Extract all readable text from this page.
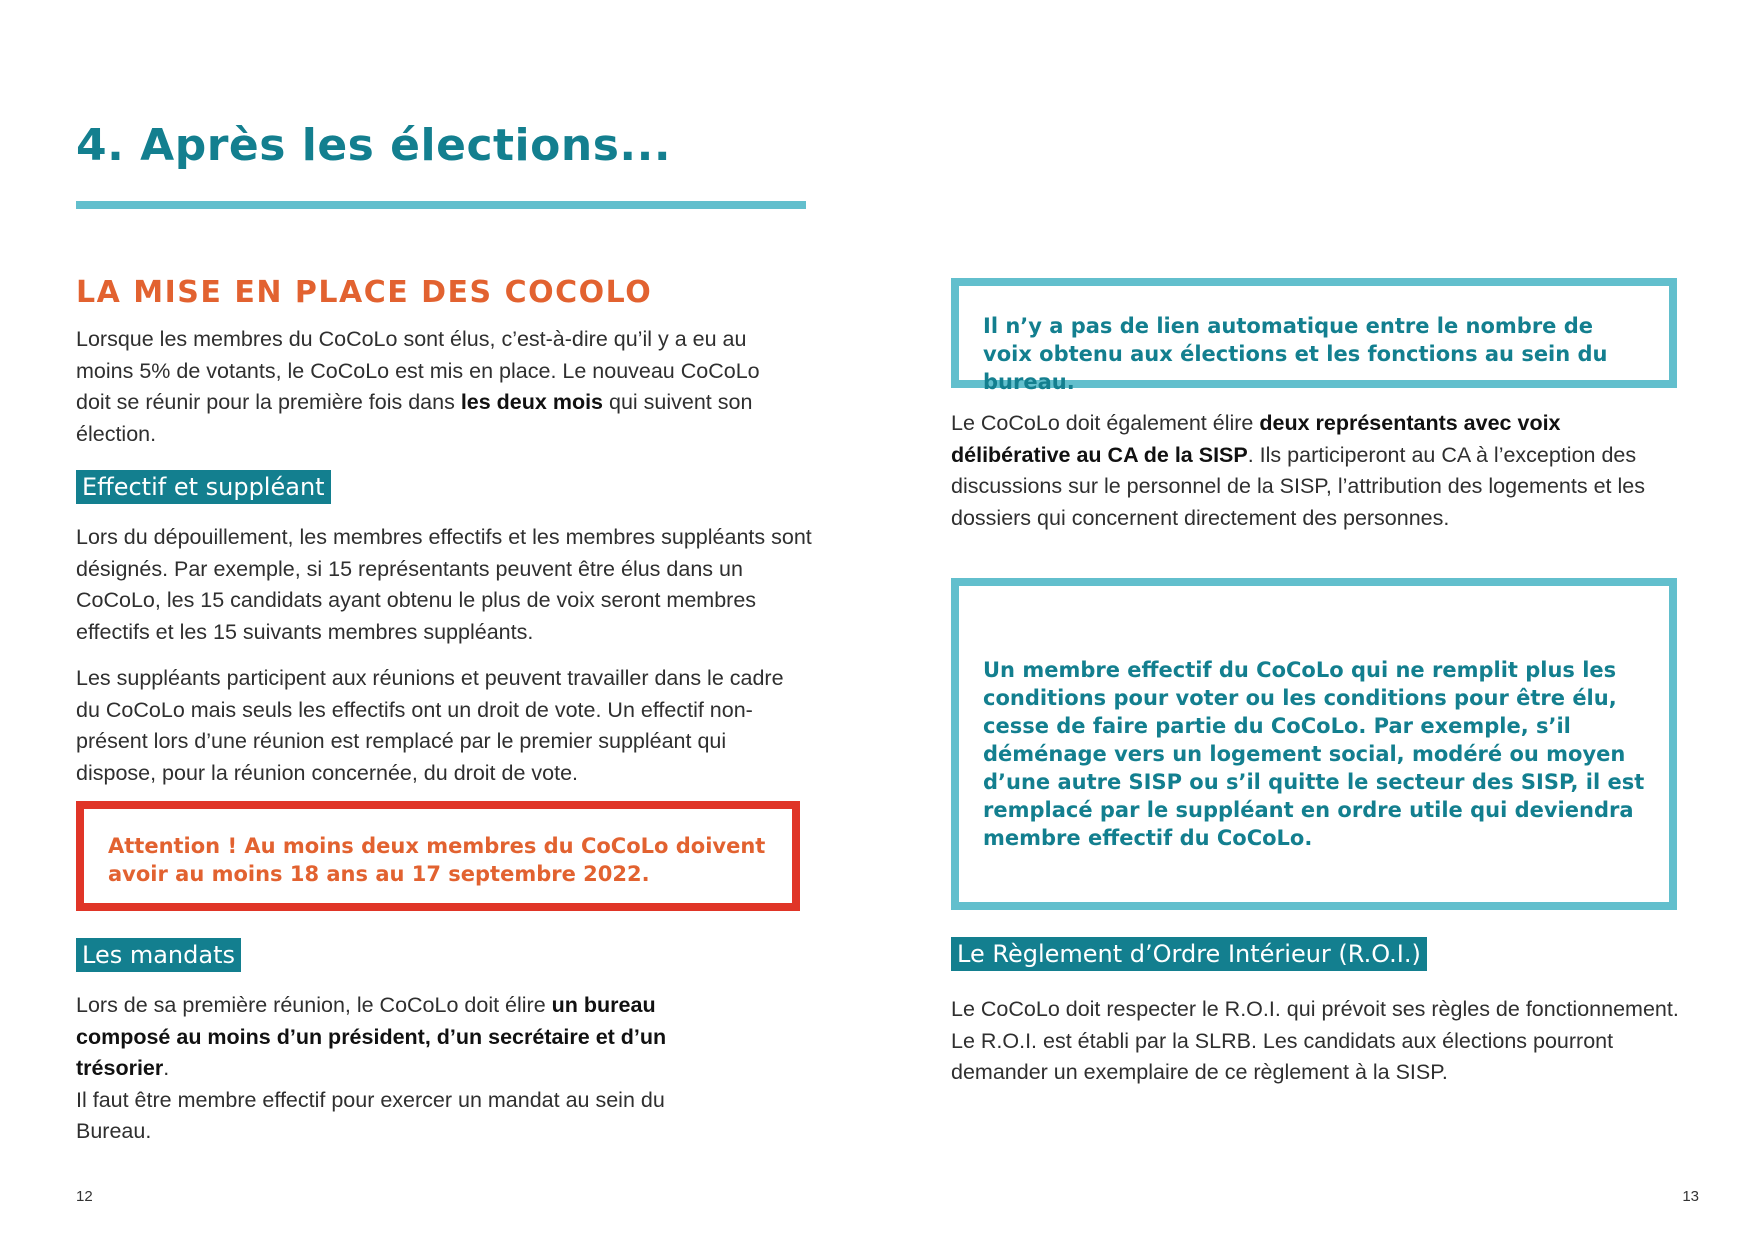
4. Après les élections...
LA MISE EN PLACE DES COCOLO

Lorsque les membres du CoCoLo sont élus, c’est-à-dire qu’il y a eu au moins 5% de votants, le CoCoLo est mis en place. Le nouveau CoCoLo doit se réunir pour la première fois dans les deux mois qui suivent son élection.

Effectif et suppléant

Lors du dépouillement, les membres effectifs et les membres suppléants sont désignés. Par exemple, si 15 représentants peuvent être élus dans un CoCoLo, les 15 candidats ayant obtenu le plus de voix seront membres effectifs et les 15 suivants membres suppléants.

Les suppléants participent aux réunions et peuvent travailler dans le cadre du CoCoLo mais seuls les effectifs ont un droit de vote. Un effectif non-présent lors d’une réunion est remplacé par le premier suppléant qui dispose, pour la réunion concernée, du droit de vote.

Attention ! Au moins deux membres du CoCoLo doivent avoir au moins 18 ans au 17 septembre 2022.

Les mandats

Lors de sa première réunion, le CoCoLo doit élire un bureau composé au moins d’un président, d’un secrétaire et d’un trésorier.
Il faut être membre effectif pour exercer un mandat au sein du Bureau.

12

Il n’y a pas de lien automatique entre le nombre de voix obtenu aux élections et les fonctions au sein du bureau.

Le CoCoLo doit également élire deux représentants avec voix délibérative au CA de la SISP. Ils participeront au CA à l’exception des discussions sur le personnel de la SISP, l’attribution des logements et les dossiers qui concernent directement des personnes.

Un membre effectif du CoCoLo qui ne remplit plus les conditions pour voter ou les conditions pour être élu, cesse de faire partie du CoCoLo. Par exemple, s’il déménage vers un logement social, modéré ou moyen d’une autre SISP ou s’il quitte le secteur des SISP, il est remplacé par le suppléant en ordre utile qui deviendra membre effectif du CoCoLo.

Le Règlement d’Ordre Intérieur (R.O.I.)

Le CoCoLo doit respecter le R.O.I. qui prévoit ses règles de fonctionnement. Le R.O.I. est établi par la SLRB. Les candidats aux élections pourront demander un exemplaire de ce règlement à la SISP.

13
